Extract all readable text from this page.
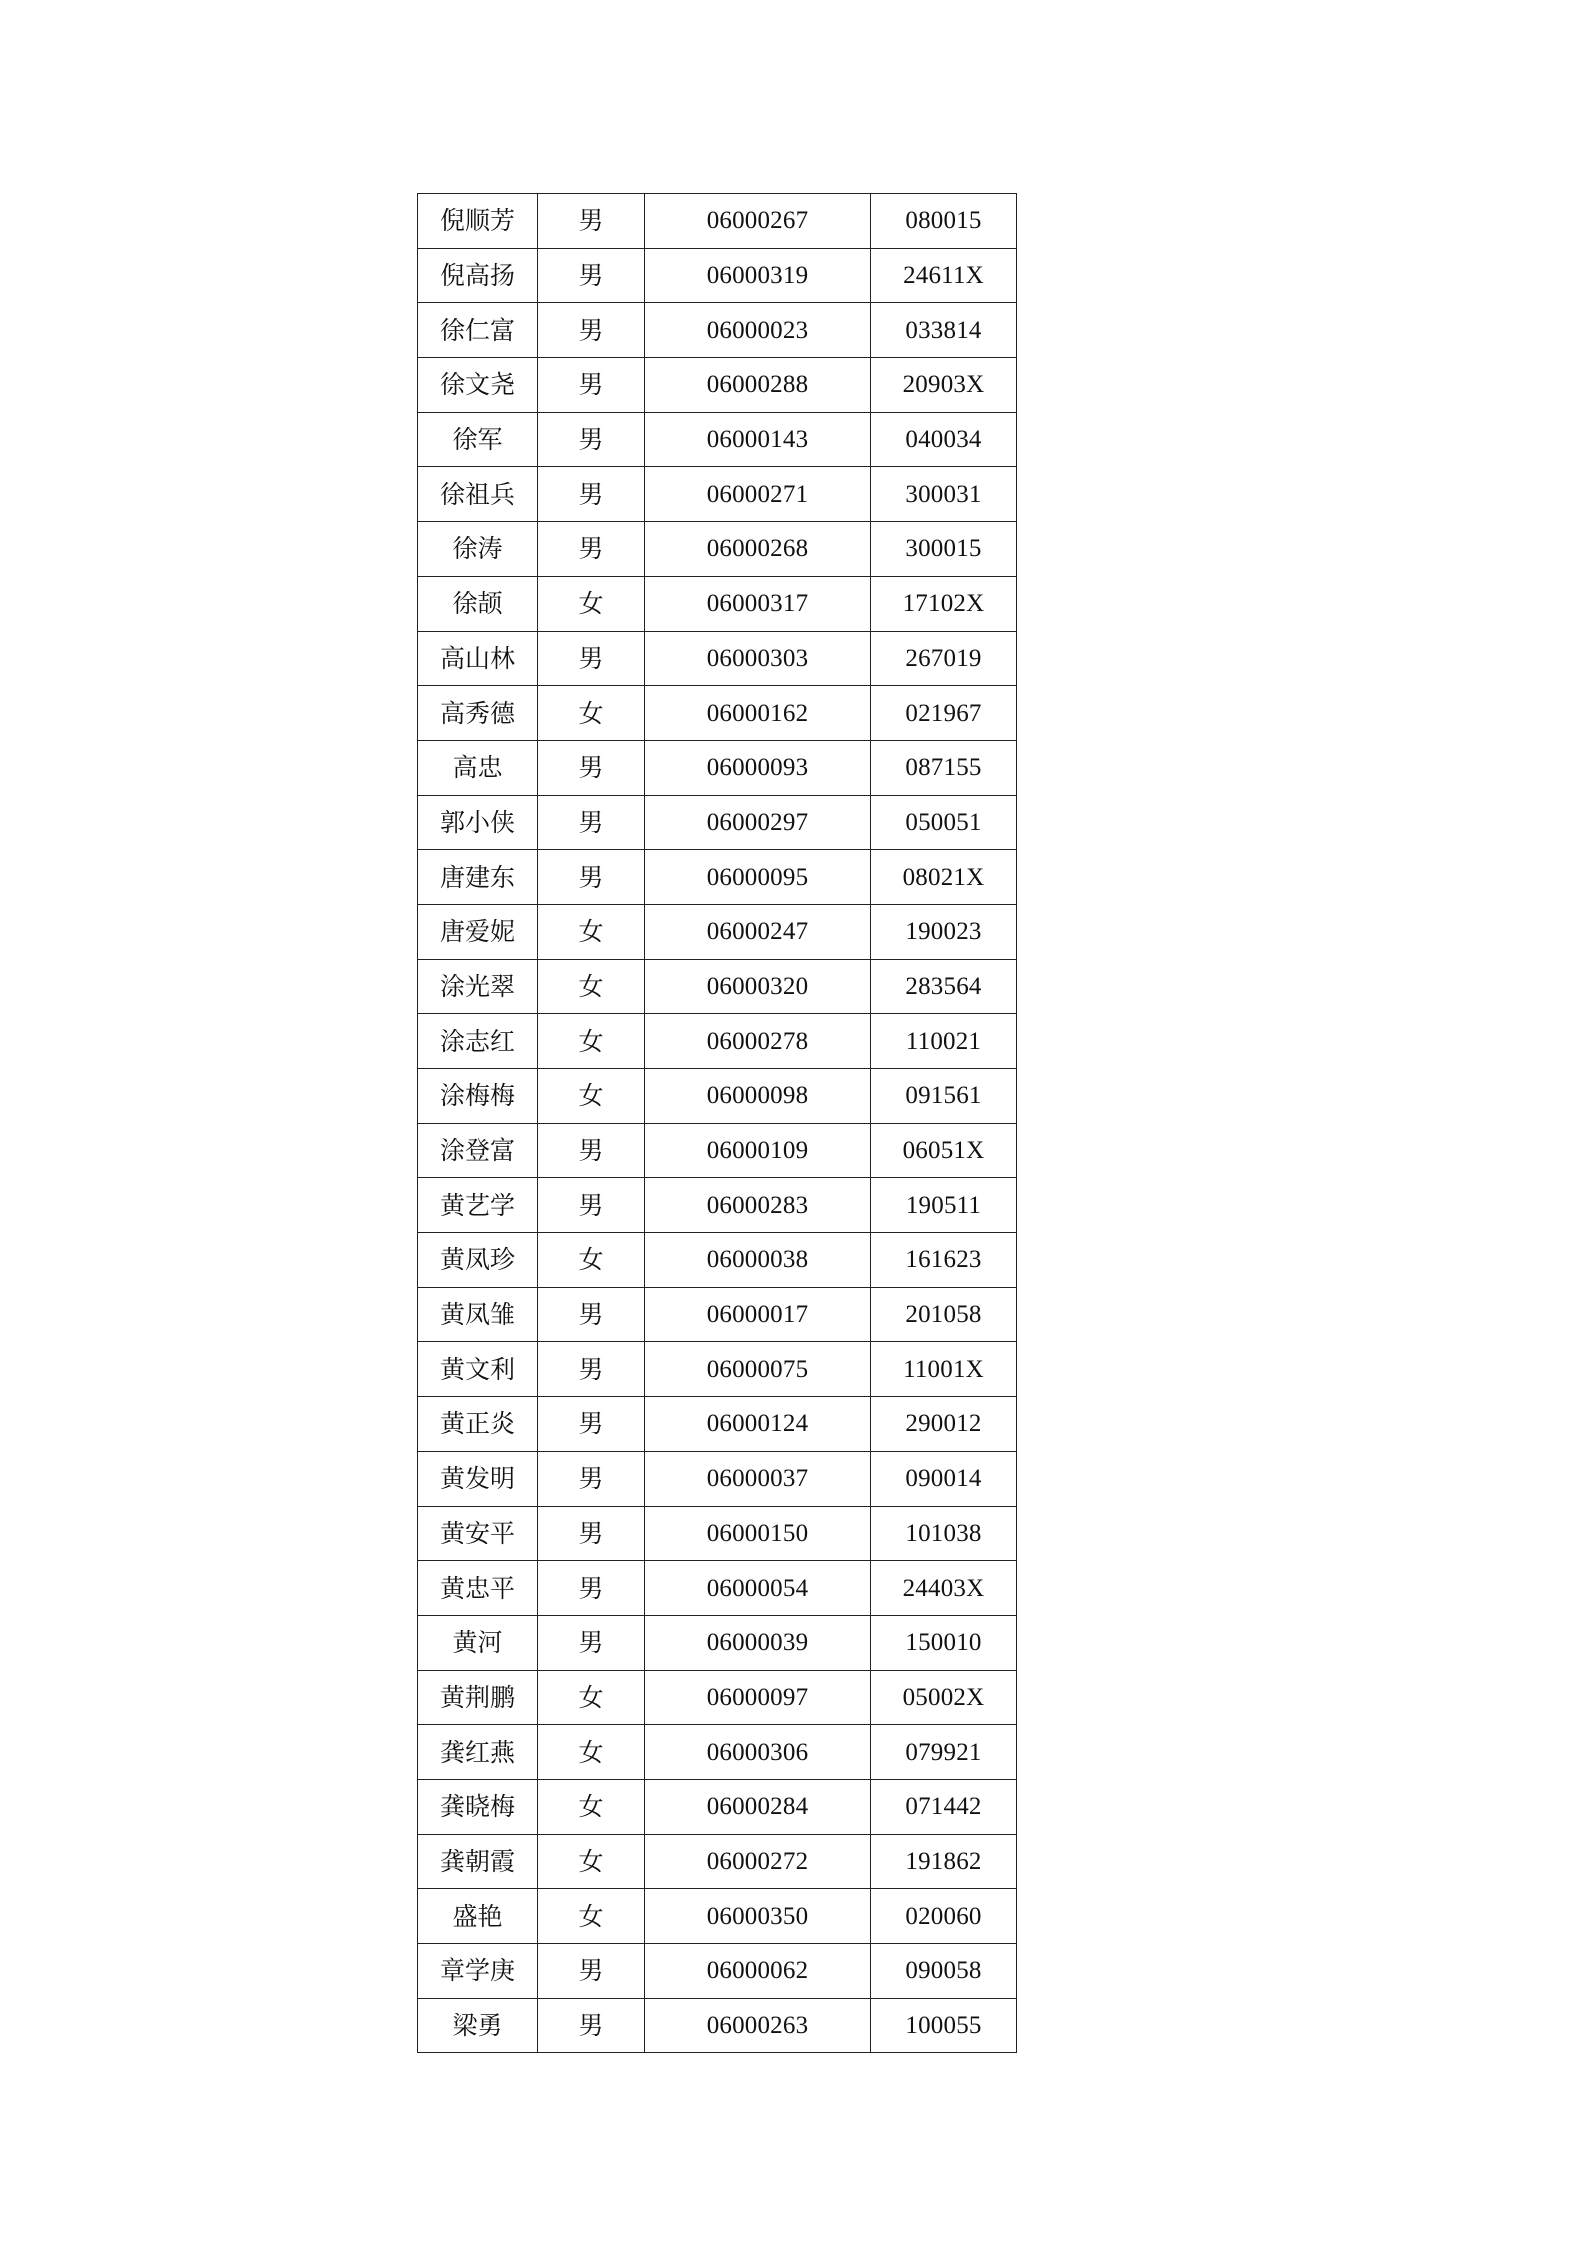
倪顺芳	男	06000267	080015
倪高扬	男	06000319	24611X
徐仁富	男	06000023	033814
徐文尧	男	06000288	20903X
徐军	男	06000143	040034
徐祖兵	男	06000271	300031
徐涛	男	06000268	300015
徐颉	女	06000317	17102X
高山林	男	06000303	267019
高秀德	女	06000162	021967
高忠	男	06000093	087155
郭小侠	男	06000297	050051
唐建东	男	06000095	08021X
唐爱妮	女	06000247	190023
涂光翠	女	06000320	283564
涂志红	女	06000278	110021
涂梅梅	女	06000098	091561
涂登富	男	06000109	06051X
黄艺学	男	06000283	190511
黄凤珍	女	06000038	161623
黄凤雏	男	06000017	201058
黄文利	男	06000075	11001X
黄正炎	男	06000124	290012
黄发明	男	06000037	090014
黄安平	男	06000150	101038
黄忠平	男	06000054	24403X
黄河	男	06000039	150010
黄荆鹏	女	06000097	05002X
龚红燕	女	06000306	079921
龚晓梅	女	06000284	071442
龚朝霞	女	06000272	191862
盛艳	女	06000350	020060
章学庚	男	06000062	090058
梁勇	男	06000263	100055
